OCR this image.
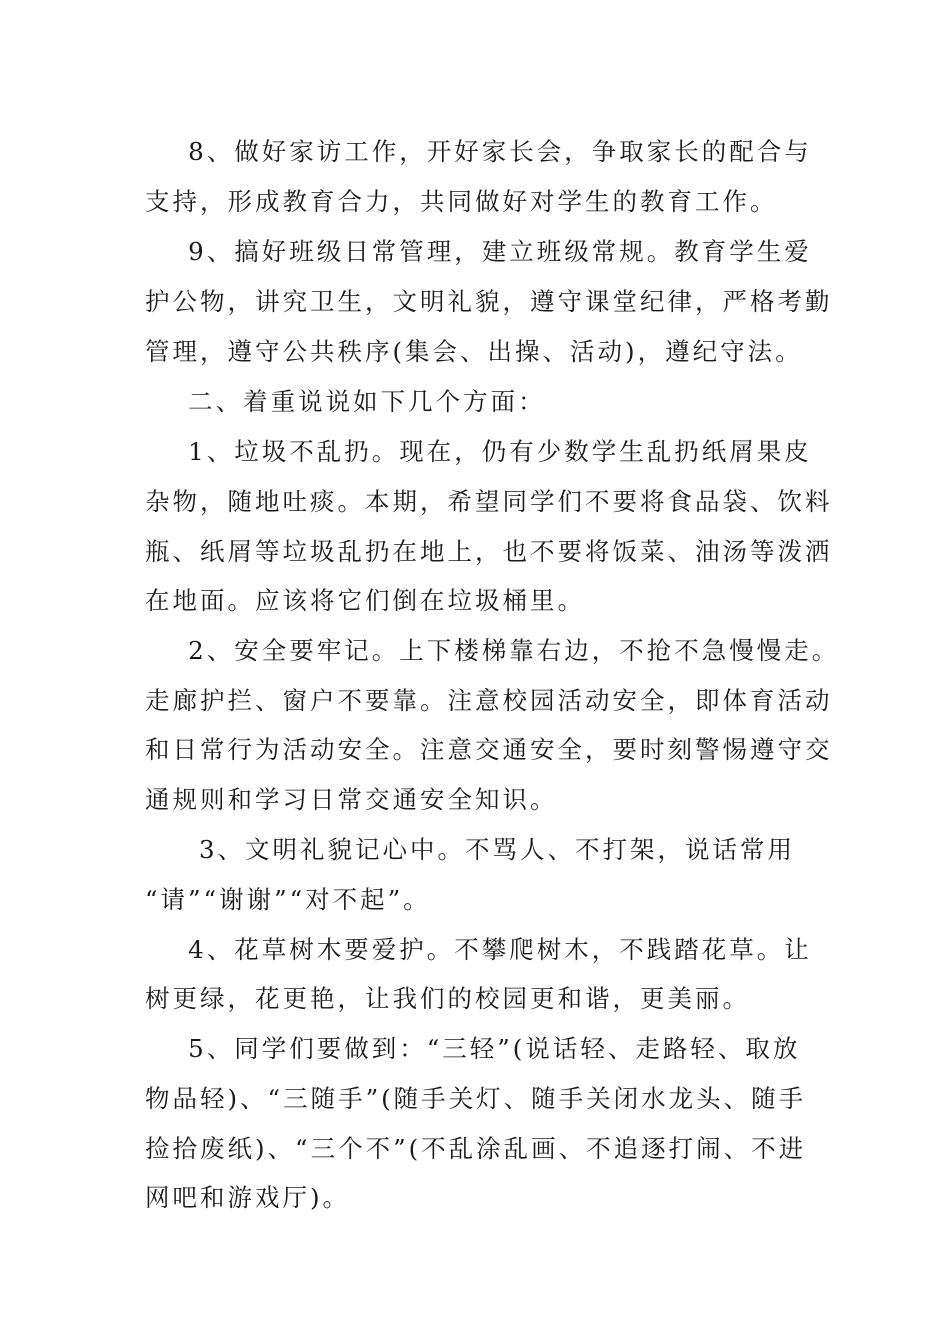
8、做好家访工作，开好家长会，争取家长的配合与
支持，形成教育合力，共同做好对学生的教育工作。
9、搞好班级日常管理，建立班级常规。教育学生爱
护公物，讲究卫生，文明礼貌，遵守课堂纪律，严格考勤
管理，遵守公共秩序(集会、出操、活动)，遵纪守法。
二、着重说说如下几个方面：
1、垃圾不乱扔。现在，仍有少数学生乱扔纸屑果皮
杂物，随地吐痰。本期，希望同学们不要将食品袋、饮料
瓶、纸屑等垃圾乱扔在地上，也不要将饭菜、油汤等泼洒
在地面。应该将它们倒在垃圾桶里。
2、安全要牢记。上下楼梯靠右边，不抢不急慢慢走。
走廊护拦、窗户不要靠。注意校园活动安全，即体育活动
和日常行为活动安全。注意交通安全，要时刻警惕遵守交
通规则和学习日常交通安全知识。
3、文明礼貌记心中。不骂人、不打架，说话常用
“请”“谢谢”“对不起”。
4、花草树木要爱护。不攀爬树木，不践踏花草。让
树更绿，花更艳，让我们的校园更和谐，更美丽。
5、同学们要做到：“三轻”(说话轻、走路轻、取放
物品轻)、“三随手”(随手关灯、随手关闭水龙头、随手
捡拾废纸)、“三个不”(不乱涂乱画、不追逐打闹、不进
网吧和游戏厅)。
